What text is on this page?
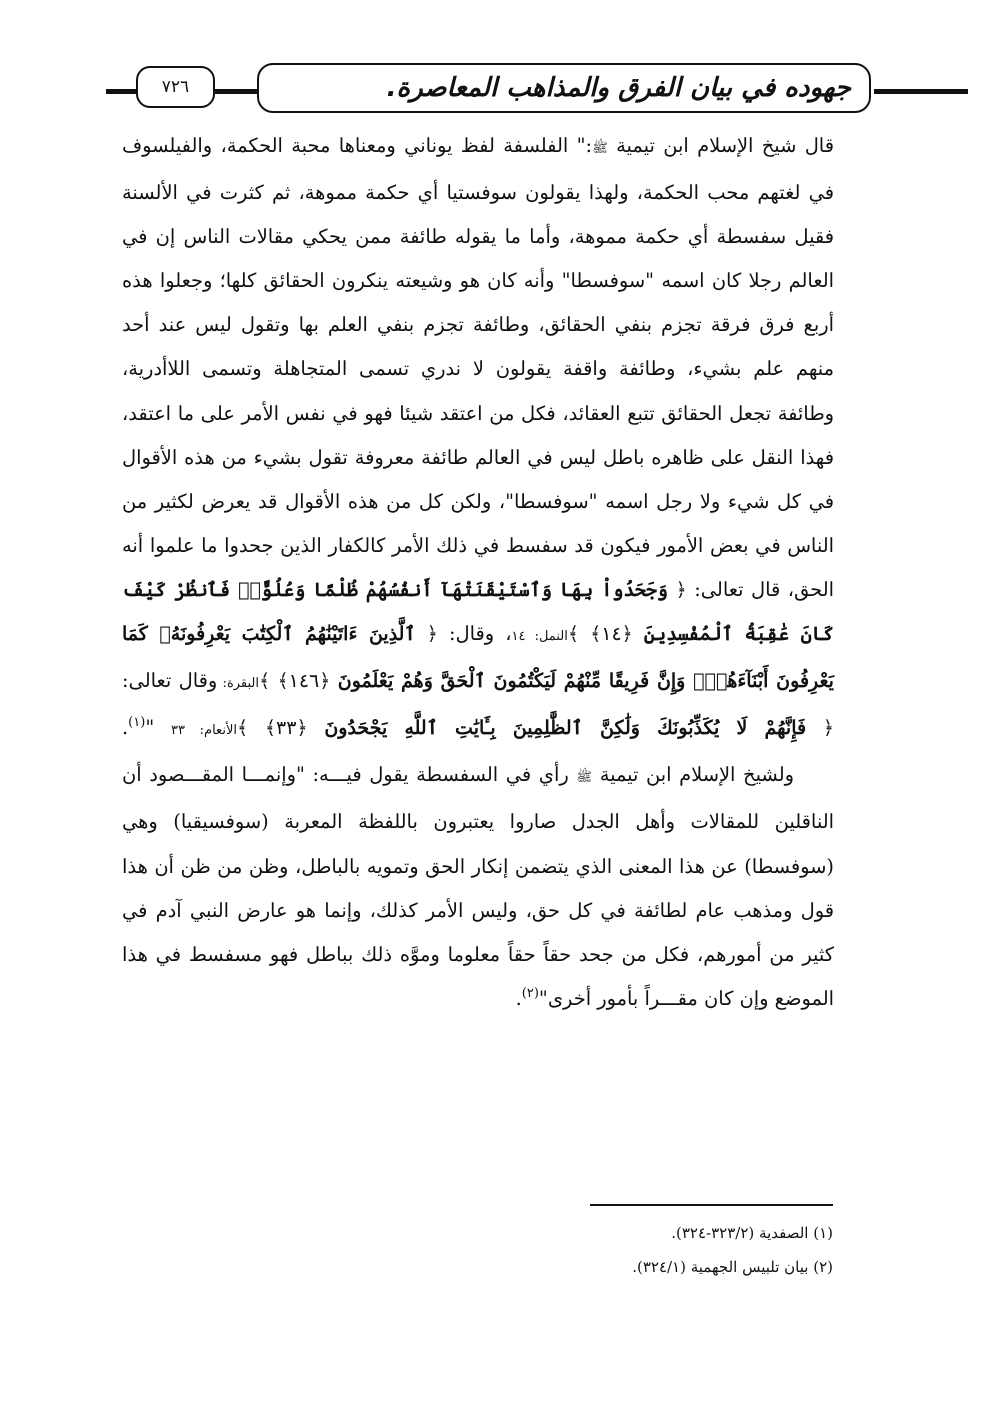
جهوده في بيان الفرق والمذاهب المعاصرة.
٧٢٦

قال شيخ الإسلام ابن تيمية ﷺ:" الفلسفة لفظ يوناني ومعناها محبة الحكمة، والفيلسوف في لغتهم محب الحكمة، ولهذا يقولون سوفستيا أي حكمة مموهة، ثم كثرت في الألسنة فقيل سفسطة أي حكمة مموهة، وأما ما يقوله طائفة ممن يحكي مقالات الناس إن في العالم رجلا كان اسمه "سوفسطا" وأنه كان هو وشيعته ينكرون الحقائق كلها؛ وجعلوا هذه أربع فرق فرقة تجزم بنفي الحقائق، وطائفة تجزم بنفي العلم بها وتقول ليس عند أحد منهم علم بشيء، وطائفة واقفة يقولون لا ندري تسمى المتجاهلة وتسمى اللاأدرية، وطائفة تجعل الحقائق تتبع العقائد، فكل من اعتقد شيئا فهو في نفس الأمر على ما اعتقد، فهذا النقل على ظاهره باطل ليس في العالم طائفة معروفة تقول بشيء من هذه الأقوال في كل شيء ولا رجل اسمه "سوفسطا"، ولكن كل من هذه الأقوال قد يعرض لكثير من الناس في بعض الأمور فيكون قد سفسط في ذلك الأمر كالكفار الذين جحدوا ما علموا أنه الحق، قال تعالى: ﴿ وَجَحَدُواْ بِهَا وَٱسْتَيْقَنَتْهَآ أَنفُسُهُمْ ظُلْمًا وَعُلُوًّاۚ فَٱنظُرْ كَيْفَ كَانَ عَٰقِبَةُ ٱلْمُفْسِدِينَ ﴿١٤﴾ ﴾النمل: ١٤، وقال: ﴿ ٱلَّذِينَ ءَاتَيْنَٰهُمُ ٱلْكِتَٰبَ يَعْرِفُونَهُۥ كَمَا يَعْرِفُونَ أَبْنَآءَهُمْۖ وَإِنَّ فَرِيقًا مِّنْهُمْ لَيَكْتُمُونَ ٱلْحَقَّ وَهُمْ يَعْلَمُونَ ﴿١٤٦﴾ ﴾البقرة: وقال تعالى: ﴿ فَإِنَّهُمْ لَا يُكَذِّبُونَكَ وَلَٰكِنَّ ٱلظَّٰلِمِينَ بِـَٔايَٰتِ ٱللَّهِ يَجْحَدُونَ ﴿٣٣﴾ ﴾الأنعام: ٣٣ "$^{(١)}$.

ولشيخ الإسلام ابن تيمية ﷺ رأي في السفسطة يقول فيـــه: "وإنمـــا المقـــصود أن الناقلين للمقالات وأهل الجدل صاروا يعتبرون باللفظة المعربة (سوفسيقيا) وهي (سوفسطا) عن هذا المعنى الذي يتضمن إنكار الحق وتمويه بالباطل، وظن من ظن أن هذا قول ومذهب عام لطائفة في كل حق، وليس الأمر كذلك، وإنما هو عارض النبي آدم في كثير من أمورهم، فكل من جحد حقاً حقاً معلوما وموَّه ذلك بباطل فهو مسفسط في هذا الموضع وإن كان مقـــراً بأمور أخرى"$^{(٢)}$.

(١) الصفدية (٣٢٣/٢-٣٢٤).

(٢) بيان تلبيس الجهمية (٣٢٤/١).
